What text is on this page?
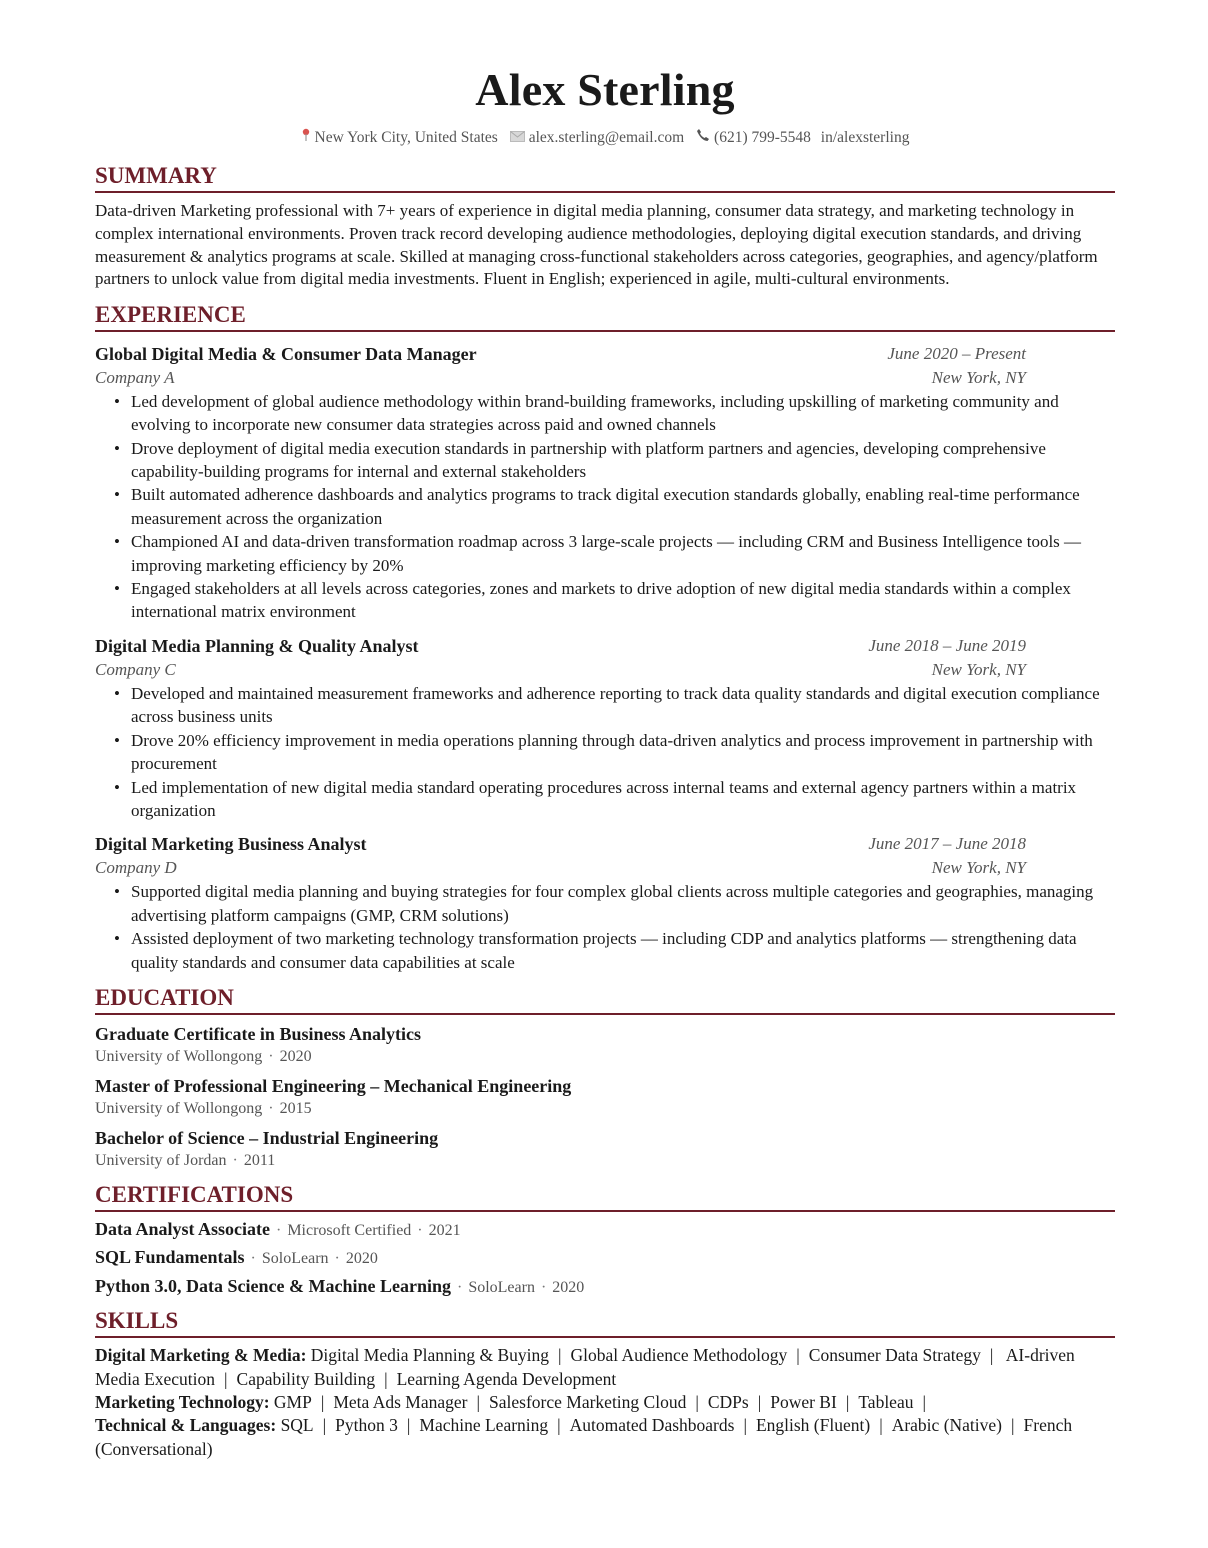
Alex Sterling
New York City, United States alex.sterling@email.com (621) 799-5548 in/alexsterling
SUMMARY
Data-driven Marketing professional with 7+ years of experience in digital media planning, consumer data strategy, and marketing technology in complex international environments. Proven track record developing audience methodologies, deploying digital execution standards, and driving measurement & analytics programs at scale. Skilled at managing cross-functional stakeholders across categories, geographies, and agency/platform partners to unlock value from digital media investments. Fluent in English; experienced in agile, multi-cultural environments.
EXPERIENCE
Global Digital Media & Consumer Data Manager	June 2020 – Present
Company A	New York, NY
• Led development of global audience methodology within brand-building frameworks, including upskilling of marketing community and evolving to incorporate new consumer data strategies across paid and owned channels
• Drove deployment of digital media execution standards in partnership with platform partners and agencies, developing comprehensive capability-building programs for internal and external stakeholders
• Built automated adherence dashboards and analytics programs to track digital execution standards globally, enabling real-time performance measurement across the organization
• Championed AI and data-driven transformation roadmap across 3 large-scale projects — including CRM and Business Intelligence tools — improving marketing efficiency by 20%
• Engaged stakeholders at all levels across categories, zones and markets to drive adoption of new digital media standards within a complex international matrix environment
Digital Media Planning & Quality Analyst	June 2018 – June 2019
Company C	New York, NY
• Developed and maintained measurement frameworks and adherence reporting to track data quality standards and digital execution compliance across business units
• Drove 20% efficiency improvement in media operations planning through data-driven analytics and process improvement in partnership with procurement
• Led implementation of new digital media standard operating procedures across internal teams and external agency partners within a matrix organization
Digital Marketing Business Analyst	June 2017 – June 2018
Company D	New York, NY
• Supported digital media planning and buying strategies for four complex global clients across multiple categories and geographies, managing advertising platform campaigns (GMP, CRM solutions)
• Assisted deployment of two marketing technology transformation projects — including CDP and analytics platforms — strengthening data quality standards and consumer data capabilities at scale
EDUCATION
Graduate Certificate in Business Analytics
University of Wollongong · 2020
Master of Professional Engineering – Mechanical Engineering
University of Wollongong · 2015
Bachelor of Science – Industrial Engineering
University of Jordan · 2011
CERTIFICATIONS
Data Analyst Associate · Microsoft Certified · 2021
SQL Fundamentals · SoloLearn · 2020
Python 3.0, Data Science & Machine Learning · SoloLearn · 2020
SKILLS
Digital Marketing & Media: Digital Media Planning & Buying | Global Audience Methodology | Consumer Data Strategy | AI-driven Media Execution | Capability Building | Learning Agenda Development
Marketing Technology: GMP | Meta Ads Manager | Salesforce Marketing Cloud | CDPs | Power BI | Tableau |
Technical & Languages: SQL | Python 3 | Machine Learning | Automated Dashboards | English (Fluent) | Arabic (Native) | French (Conversational)
